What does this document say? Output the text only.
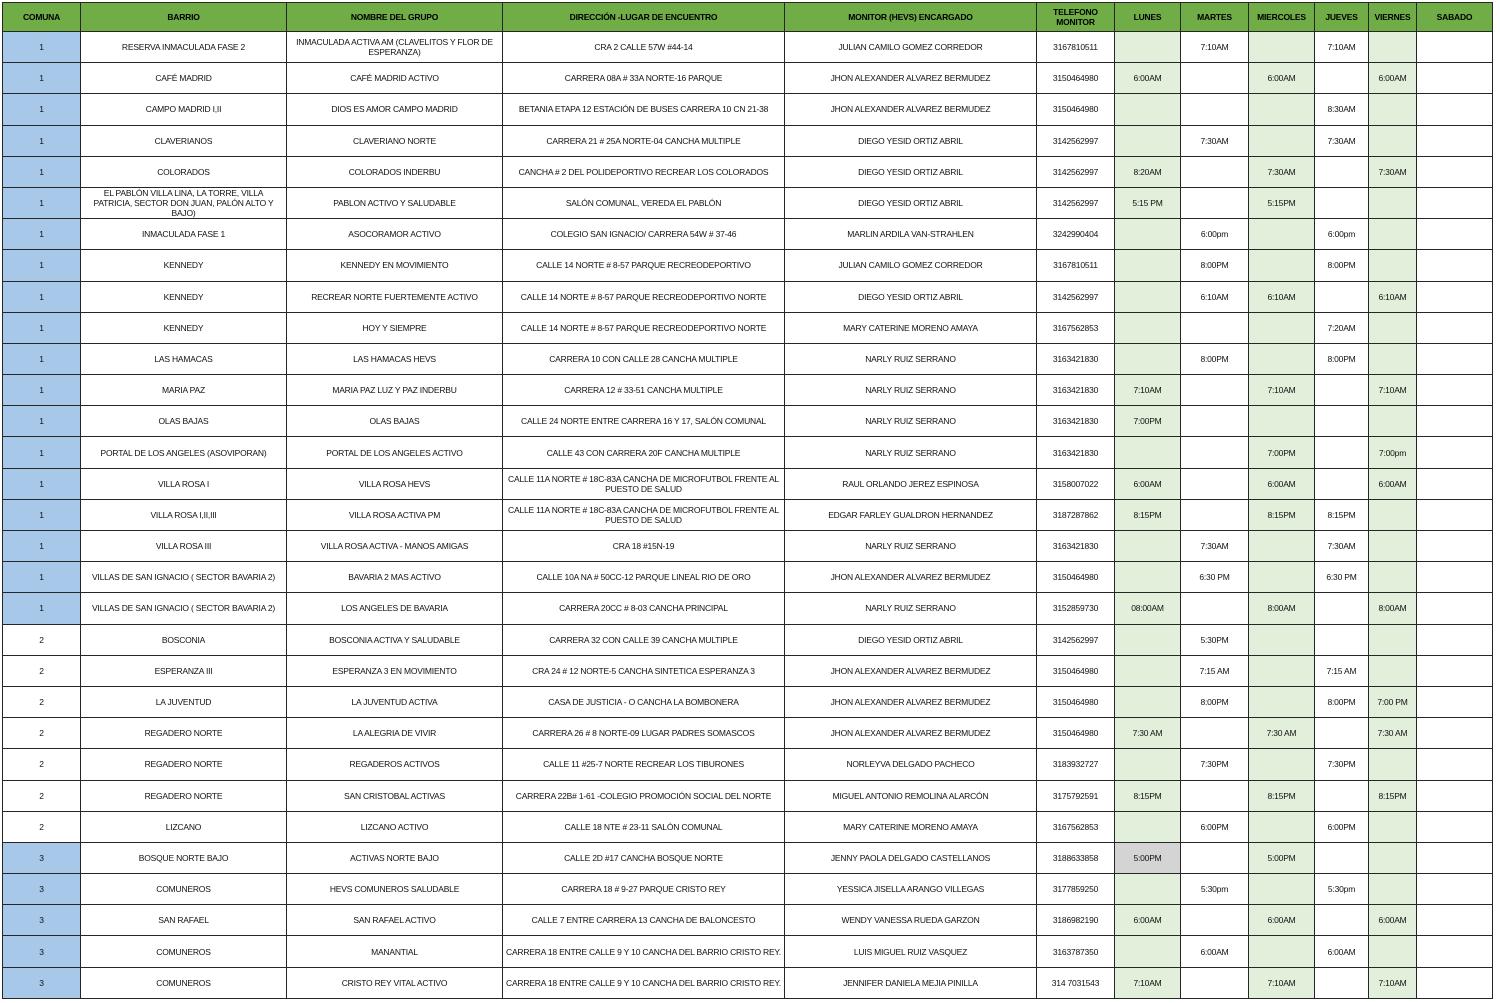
COMUNA	BARRIO	NOMBRE DEL GRUPO	DIRECCIÓN -LUGAR DE ENCUENTRO	MONITOR (HEVS) ENCARGADO	TELEFONO MONITOR	LUNES	MARTES	MIERCOLES	JUEVES	VIERNES	SABADO
1	RESERVA INMACULADA FASE 2	INMACULADA ACTIVA AM (CLAVELITOS Y FLOR DE ESPERANZA)	CRA 2 CALLE 57W #44-14	JULIAN CAMILO GOMEZ CORREDOR	3167810511		7:10AM		7:10AM		
1	CAFÉ MADRID	CAFÉ MADRID ACTIVO	CARRERA 08A # 33A NORTE-16 PARQUE	JHON ALEXANDER ALVAREZ BERMUDEZ	3150464980	6:00AM		6:00AM		6:00AM	
1	CAMPO MADRID I,II	DIOS ES AMOR CAMPO MADRID	BETANIA ETAPA 12 ESTACIÓN DE BUSES CARRERA 10 CN 21-38	JHON ALEXANDER ALVAREZ BERMUDEZ	3150464980				8:30AM		
1	CLAVERIANOS	CLAVERIANO NORTE	CARRERA 21 # 25A NORTE-04 CANCHA MULTIPLE	DIEGO YESID ORTIZ ABRIL	3142562997		7:30AM		7:30AM		
1	COLORADOS	COLORADOS INDERBU	CANCHA # 2 DEL POLIDEPORTIVO RECREAR LOS COLORADOS	DIEGO YESID ORTIZ ABRIL	3142562997	8:20AM		7:30AM		7:30AM	
1	EL PABLÓN VILLA LINA, LA TORRE, VILLA PATRICIA, SECTOR DON JUAN, PALÓN ALTO Y BAJO)	PABLON ACTIVO Y SALUDABLE	SALÓN COMUNAL, VEREDA EL PABLÓN	DIEGO YESID ORTIZ ABRIL	3142562997	5:15 PM		5:15PM			
1	INMACULADA FASE 1	ASOCORAMOR ACTIVO	COLEGIO SAN IGNACIO/ CARRERA 54W # 37-46	MARLIN ARDILA VAN-STRAHLEN	3242990404		6:00pm		6:00pm		
1	KENNEDY	KENNEDY EN MOVIMIENTO	CALLE 14 NORTE # 8-57 PARQUE RECREODEPORTIVO	JULIAN CAMILO GOMEZ CORREDOR	3167810511		8:00PM		8:00PM		
1	KENNEDY	RECREAR NORTE FUERTEMENTE ACTIVO	CALLE 14 NORTE # 8-57 PARQUE RECREODEPORTIVO NORTE	DIEGO YESID ORTIZ ABRIL	3142562997		6:10AM	6:10AM		6:10AM	
1	KENNEDY	HOY Y SIEMPRE	CALLE 14 NORTE # 8-57 PARQUE RECREODEPORTIVO NORTE	MARY CATERINE MORENO AMAYA	3167562853				7:20AM		
1	LAS HAMACAS	LAS HAMACAS HEVS	CARRERA 10 CON CALLE 28 CANCHA MULTIPLE	NARLY RUIZ SERRANO	3163421830		8:00PM		8:00PM		
1	MARIA PAZ	MARIA PAZ LUZ Y PAZ INDERBU	CARRERA 12 # 33-51 CANCHA MULTIPLE	NARLY RUIZ SERRANO	3163421830	7:10AM		7:10AM		7:10AM	
1	OLAS BAJAS	OLAS BAJAS	CALLE 24 NORTE ENTRE CARRERA 16 Y 17, SALÓN COMUNAL	NARLY RUIZ SERRANO	3163421830	7:00PM					
1	PORTAL DE LOS ANGELES (ASOVIPORAN)	PORTAL DE LOS ANGELES ACTIVO	CALLE 43 CON CARRERA 20F CANCHA MULTIPLE	NARLY RUIZ SERRANO	3163421830			7:00PM		7:00pm	
1	VILLA ROSA I	VILLA ROSA HEVS	CALLE 11A NORTE # 18C-83A CANCHA DE MICROFUTBOL FRENTE AL PUESTO DE SALUD	RAUL ORLANDO JEREZ ESPINOSA	3158007022	6:00AM		6:00AM		6:00AM	
1	VILLA ROSA I,II,III	VILLA ROSA ACTIVA PM	CALLE 11A NORTE # 18C-83A CANCHA DE MICROFUTBOL FRENTE AL PUESTO DE SALUD	EDGAR FARLEY GUALDRON HERNANDEZ	3187287862	8:15PM		8:15PM	8:15PM		
1	VILLA ROSA III	VILLA ROSA ACTIVA - MANOS AMIGAS	CRA 18 #15N-19	NARLY RUIZ SERRANO	3163421830		7:30AM		7:30AM		
1	VILLAS DE SAN IGNACIO ( SECTOR BAVARIA 2)	BAVARIA 2 MAS ACTIVO	CALLE 10A NA # 50CC-12 PARQUE LINEAL RIO DE ORO	JHON ALEXANDER ALVAREZ BERMUDEZ	3150464980		6:30 PM		6:30 PM		
1	VILLAS DE SAN IGNACIO ( SECTOR BAVARIA 2)	LOS ANGELES DE BAVARIA	CARRERA 20CC # 8-03 CANCHA PRINCIPAL	NARLY RUIZ SERRANO	3152859730	08:00AM		8:00AM		8:00AM	
2	BOSCONIA	BOSCONIA ACTIVA Y SALUDABLE	CARRERA 32 CON CALLE 39 CANCHA MULTIPLE	DIEGO YESID ORTIZ ABRIL	3142562997		5:30PM				
2	ESPERANZA III	ESPERANZA 3 EN MOVIMIENTO	CRA 24 # 12 NORTE-5 CANCHA SINTETICA ESPERANZA 3	JHON ALEXANDER ALVAREZ BERMUDEZ	3150464980		7:15 AM		7:15 AM		
2	LA JUVENTUD	LA JUVENTUD ACTIVA	CASA DE JUSTICIA - O CANCHA LA BOMBONERA	JHON ALEXANDER ALVAREZ BERMUDEZ	3150464980		8:00PM		8:00PM	7:00 PM	
2	REGADERO NORTE	LA ALEGRIA DE VIVIR	CARRERA 26 # 8 NORTE-09 LUGAR PADRES SOMASCOS	JHON ALEXANDER ALVAREZ BERMUDEZ	3150464980	7:30 AM		7:30 AM		7:30 AM	
2	REGADERO NORTE	REGADEROS ACTIVOS	CALLE 11 #25-7 NORTE RECREAR LOS TIBURONES	NORLEYVA DELGADO PACHECO	3183932727		7:30PM		7:30PM		
2	REGADERO NORTE	SAN CRISTOBAL ACTIVAS	CARRERA 22B# 1-61 -COLEGIO PROMOCIÓN SOCIAL DEL NORTE	MIGUEL ANTONIO REMOLINA ALARCÓN	3175792591	8:15PM		8:15PM		8:15PM	
2	LIZCANO	LIZCANO ACTIVO	CALLE 18 NTE # 23-11 SALÓN COMUNAL	MARY CATERINE MORENO AMAYA	3167562853		6:00PM		6:00PM		
3	BOSQUE NORTE BAJO	ACTIVAS NORTE BAJO	CALLE 2D #17 CANCHA BOSQUE NORTE	JENNY PAOLA DELGADO CASTELLANOS	3188633858	5:00PM		5:00PM			
3	COMUNEROS	HEVS COMUNEROS SALUDABLE	CARRERA 18 # 9-27 PARQUE CRISTO REY	YESSICA JISELLA ARANGO VILLEGAS	3177859250		5:30pm		5:30pm		
3	SAN RAFAEL	SAN RAFAEL ACTIVO	CALLE 7 ENTRE CARRERA 13 CANCHA DE BALONCESTO	WENDY VANESSA RUEDA GARZON	3186982190	6:00AM		6:00AM		6:00AM	
3	COMUNEROS	MANANTIAL	CARRERA 18 ENTRE CALLE 9 Y 10 CANCHA DEL BARRIO CRISTO REY.	LUIS MIGUEL RUIZ VASQUEZ	3163787350		6:00AM		6:00AM		
3	COMUNEROS	CRISTO REY VITAL ACTIVO	CARRERA 18 ENTRE CALLE 9 Y 10 CANCHA DEL BARRIO CRISTO REY.	JENNIFER DANIELA MEJIA PINILLA	314 7031543	7:10AM		7:10AM		7:10AM	
